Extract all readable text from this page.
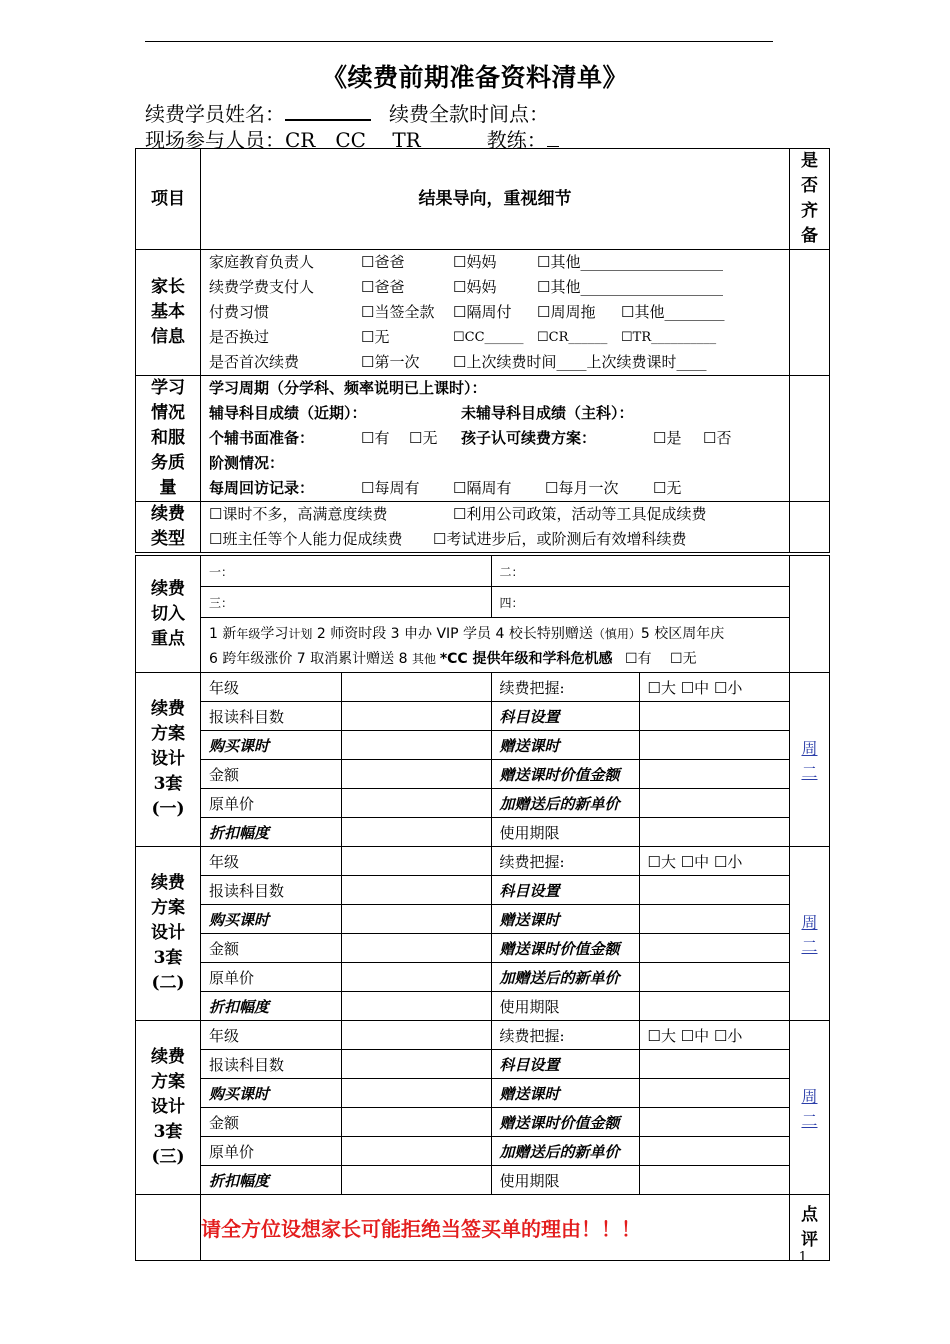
《续费前期准备资料清单》
续费学员姓名：	续费全款时间点：
现场参与人员：CR　CC　 TR	教练：
项目	结果导向，重视细节	
是否齐备

家长基本信息

家庭教育负责人	☐爸爸	☐妈妈	☐其他___________________
续费学费支付人	☐爸爸	☐妈妈	☐其他___________________
付费习惯	☐当签全款 ☐隔周付 ☐周周拖 ☐其他________
是否换过	☐无	☐CC______ ☐CR______ ☐TR__________
是否首次续费	☐第一次 ☐上次续费时间____上次续费课时____

学习情况和服务质量

学习周期（分学科、频率说明已上课时）：
辅导科目成绩（近期）：	未辅导科目成绩（主科）：
个辅书面准备：	☐有 ☐无 孩子认可续费方案：	☐是 ☐否
阶测情况：
每周回访记录：	☐每周有 ☐隔周有 ☐每月一次 ☐无

续费类型

☐课时不多，高满意度续费	☐利用公司政策，活动等工具促成续费
☐班主任等个人能力促成续费 ☐考试进步后，或阶测后有效增科续费

续费切入重点

一：	二：
三：	四：
1 新年级学习计划 2 师资时段 3 申办 VIP 学员 4 校长特别赠送（慎用）5 校区周年庆
6 跨年级涨价 7 取消累计赠送 8 其他 *CC 提供年级和学科危机感 ☐有 ☐无

续费方案设计3套(一)

年级		续费把握:	☐大 ☐中 ☐小
报读科目数		科目设置	
购买课时		赠送课时	
金额		赠送课时价值金额	
原单价		加赠送后的新单价	
折扣幅度		使用期限	

周二

续费方案设计3套(二)

年级		续费把握:	☐大 ☐中 ☐小
报读科目数		科目设置	
购买课时		赠送课时	
金额		赠送课时价值金额	
原单价		加赠送后的新单价	
折扣幅度		使用期限	

周二

续费方案设计3套(三)

年级		续费把握:	☐大 ☐中 ☐小
报读科目数		科目设置	
购买课时		赠送课时	
金额		赠送课时价值金额	
原单价		加赠送后的新单价	
折扣幅度		使用期限	

周二

	请全方位设想家长可能拒绝当签买单的理由！！！	
点评
1
